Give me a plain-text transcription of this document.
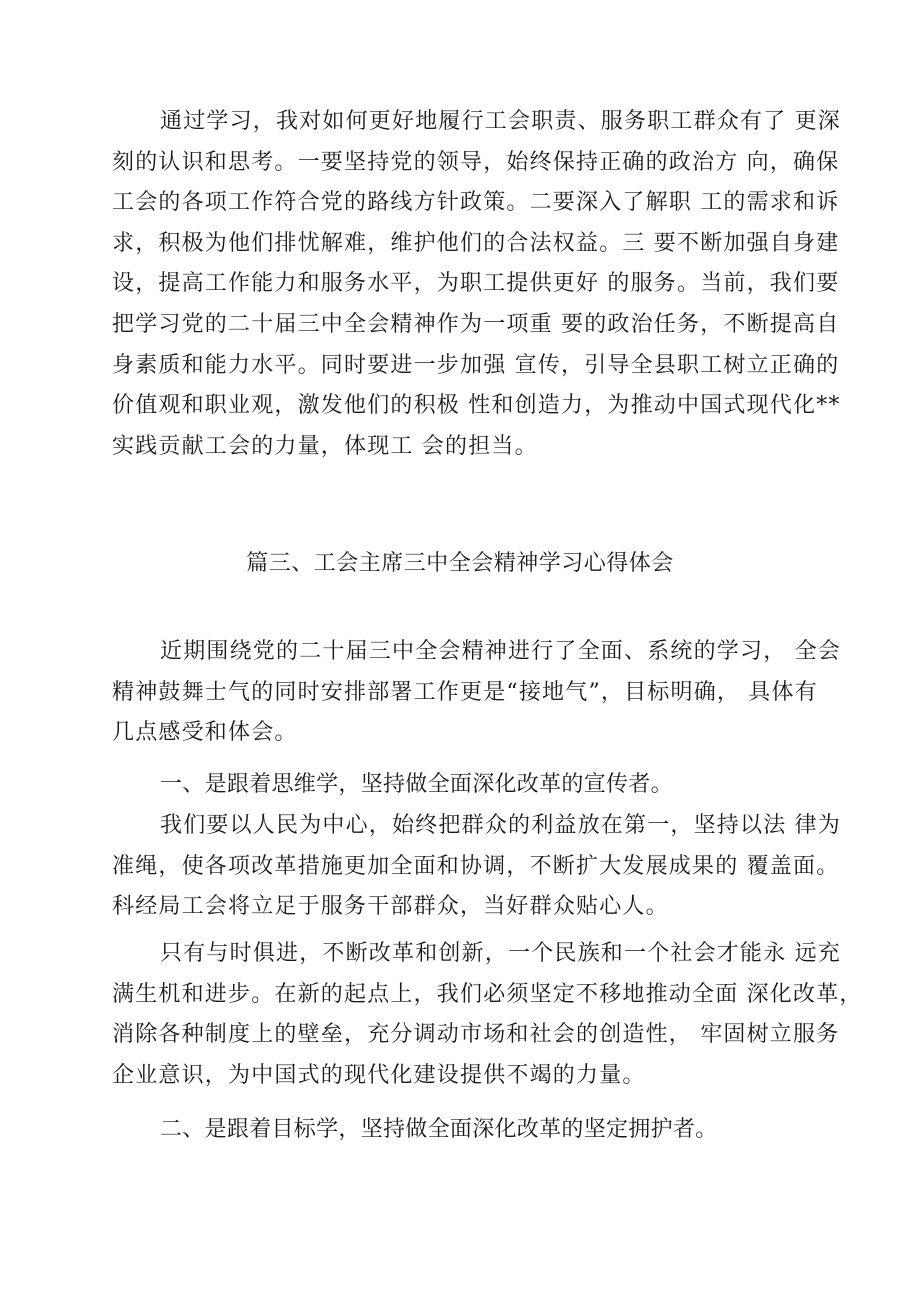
通过学习，我对如何更好地履行工会职责、服务职工群众有了 更深
刻的认识和思考。一要坚持党的领导，始终保持正确的政治方 向，确保
工会的各项工作符合党的路线方针政策。二要深入了解职 工的需求和诉
求，积极为他们排忧解难，维护他们的合法权益。三 要不断加强自身建
设，提高工作能力和服务水平，为职工提供更好 的服务。当前，我们要
把学习党的二十届三中全会精神作为一项重 要的政治任务，不断提高自
身素质和能力水平。同时要进一步加强 宣传，引导全县职工树立正确的
价值观和职业观，激发他们的积极 性和创造力，为推动中国式现代化**
实践贡献工会的力量，体现工 会的担当。
篇三、工会主席三中全会精神学习心得体会
近期围绕党的二十届三中全会精神进行了全面、系统的学习， 全会
精神鼓舞士气的同时安排部署工作更是“接地气”，目标明确， 具体有
几点感受和体会。
一、是跟着思维学，坚持做全面深化改革的宣传者。
我们要以人民为中心，始终把群众的利益放在第一，坚持以法 律为
准绳，使各项改革措施更加全面和协调，不断扩大发展成果的 覆盖面。
科经局工会将立足于服务干部群众，当好群众贴心人。
只有与时俱进，不断改革和创新，一个民族和一个社会才能永 远充
满生机和进步。在新的起点上，我们必须坚定不移地推动全面 深化改革，
消除各种制度上的壁垒，充分调动市场和社会的创造性， 牢固树立服务
企业意识，为中国式的现代化建设提供不竭的力量。
二、是跟着目标学，坚持做全面深化改革的坚定拥护者。
